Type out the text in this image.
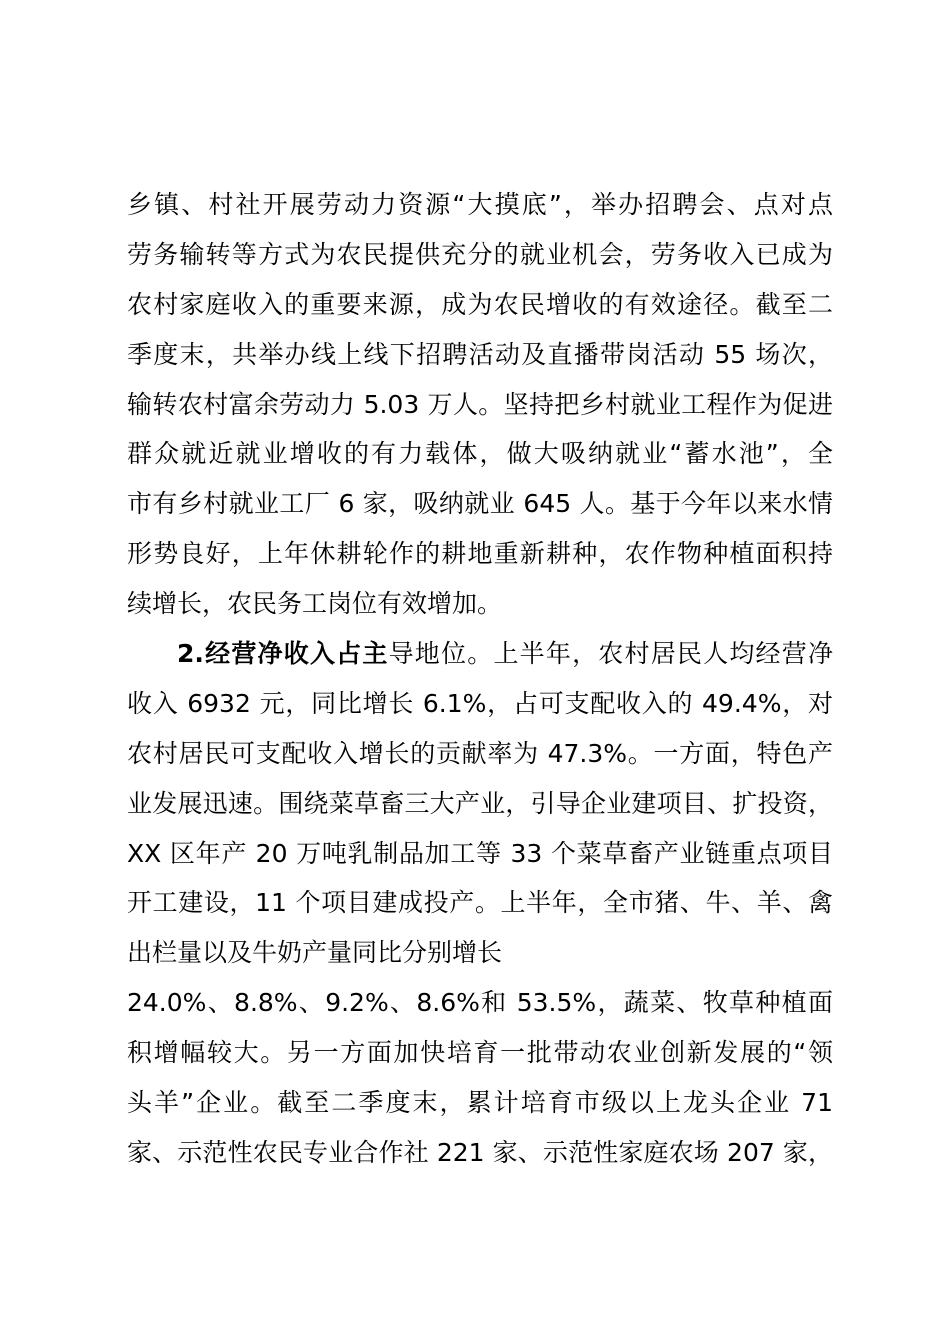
乡镇、村社开展劳动力资源“大摸底”，举办招聘会、点对点
劳务输转等方式为农民提供充分的就业机会，劳务收入已成为
农村家庭收入的重要来源，成为农民增收的有效途径。截至二
季度末，共举办线上线下招聘活动及直播带岗活动 55 场次，
输转农村富余劳动力 5.03 万人。坚持把乡村就业工程作为促进
群众就近就业增收的有力载体，做大吸纳就业“蓄水池”，全
市有乡村就业工厂 6 家，吸纳就业 645 人。基于今年以来水情
形势良好，上年休耕轮作的耕地重新耕种，农作物种植面积持
续增长，农民务工岗位有效增加。
2.经营净收入占主导地位。上半年，农村居民人均经营净
收入 6932 元，同比增长 6.1%，占可支配收入的 49.4%，对
农村居民可支配收入增长的贡献率为 47.3%。一方面，特色产
业发展迅速。围绕菜草畜三大产业，引导企业建项目、扩投资，
XX 区年产 20 万吨乳制品加工等 33 个菜草畜产业链重点项目
开工建设，11 个项目建成投产。上半年，全市猪、牛、羊、禽
出栏量以及牛奶产量同比分别增长
24.0%、8.8%、9.2%、8.6%和 53.5%，蔬菜、牧草种植面
积增幅较大。另一方面加快培育一批带动农业创新发展的“领
头羊”企业。截至二季度末，累计培育市级以上龙头企业 71
家、示范性农民专业合作社 221 家、示范性家庭农场 207 家，
